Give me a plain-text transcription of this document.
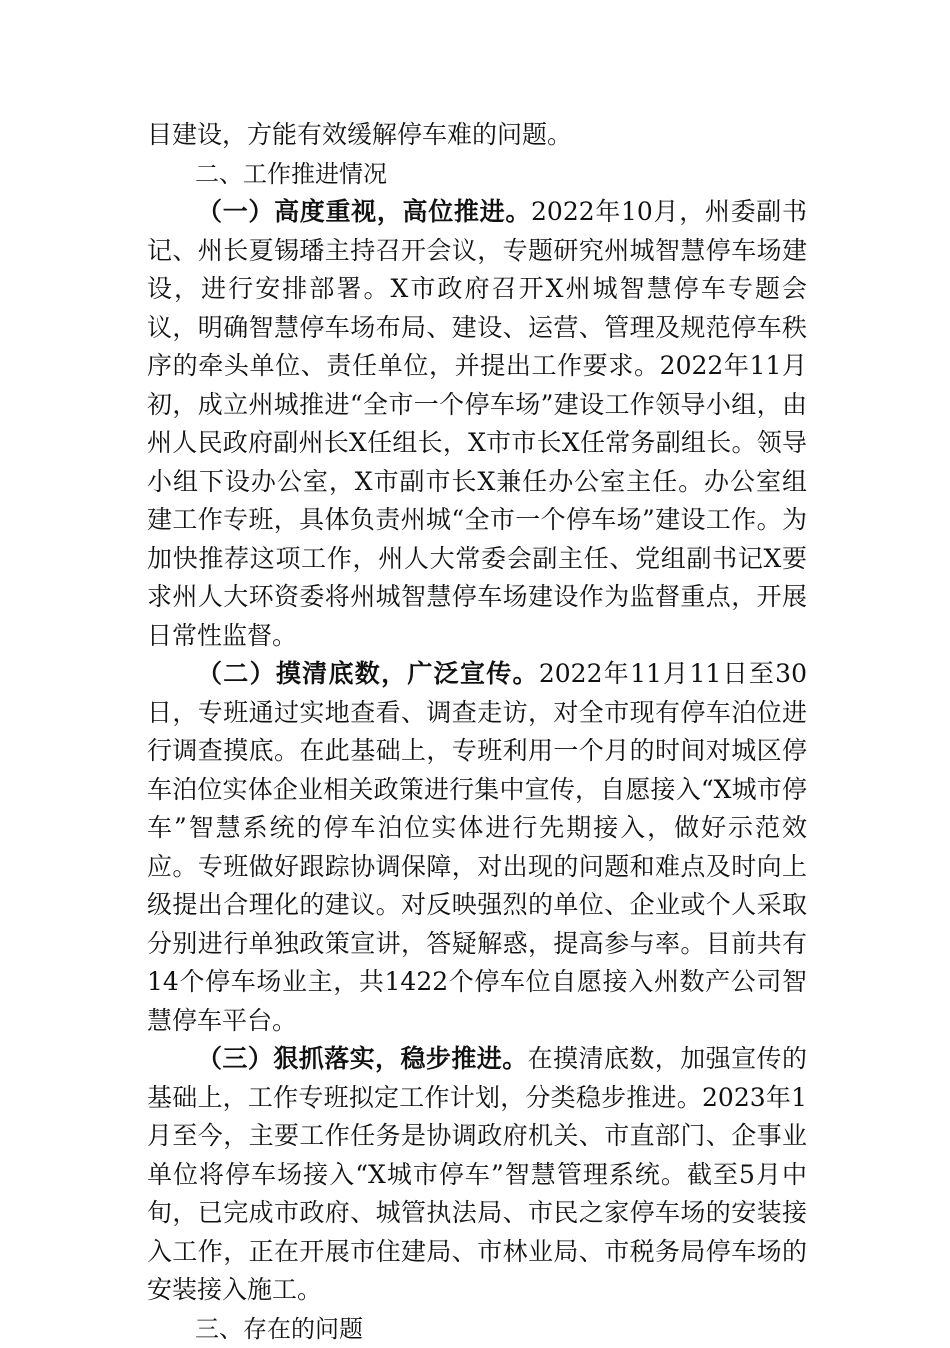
目建设，方能有效缓解停车难的问题。

二、工作推进情况

（一）高度重视，高位推进。2022年10月，州委副书记、州长夏锡璠主持召开会议，专题研究州城智慧停车场建设，进行安排部署。X市政府召开X州城智慧停车专题会议，明确智慧停车场布局、建设、运营、管理及规范停车秩序的牵头单位、责任单位，并提出工作要求。2022年11月初，成立州城推进“全市一个停车场”建设工作领导小组，由州人民政府副州长X任组长，X市市长X任常务副组长。领导小组下设办公室，X市副市长X兼任办公室主任。办公室组建工作专班，具体负责州城“全市一个停车场”建设工作。为加快推荐这项工作，州人大常委会副主任、党组副书记X要求州人大环资委将州城智慧停车场建设作为监督重点，开展日常性监督。

（二）摸清底数，广泛宣传。2022年11月11日至30日，专班通过实地查看、调查走访，对全市现有停车泊位进行调查摸底。在此基础上，专班利用一个月的时间对城区停车泊位实体企业相关政策进行集中宣传，自愿接入“X城市停车”智慧系统的停车泊位实体进行先期接入，做好示范效应。专班做好跟踪协调保障，对出现的问题和难点及时向上级提出合理化的建议。对反映强烈的单位、企业或个人采取分别进行单独政策宣讲，答疑解惑，提高参与率。目前共有14个停车场业主，共1422个停车位自愿接入州数产公司智慧停车平台。

（三）狠抓落实，稳步推进。在摸清底数，加强宣传的基础上，工作专班拟定工作计划，分类稳步推进。2023年1月至今，主要工作任务是协调政府机关、市直部门、企事业单位将停车场接入“X城市停车”智慧管理系统。截至5月中旬，已完成市政府、城管执法局、市民之家停车场的安装接入工作，正在开展市住建局、市林业局、市税务局停车场的安装接入施工。

三、存在的问题
